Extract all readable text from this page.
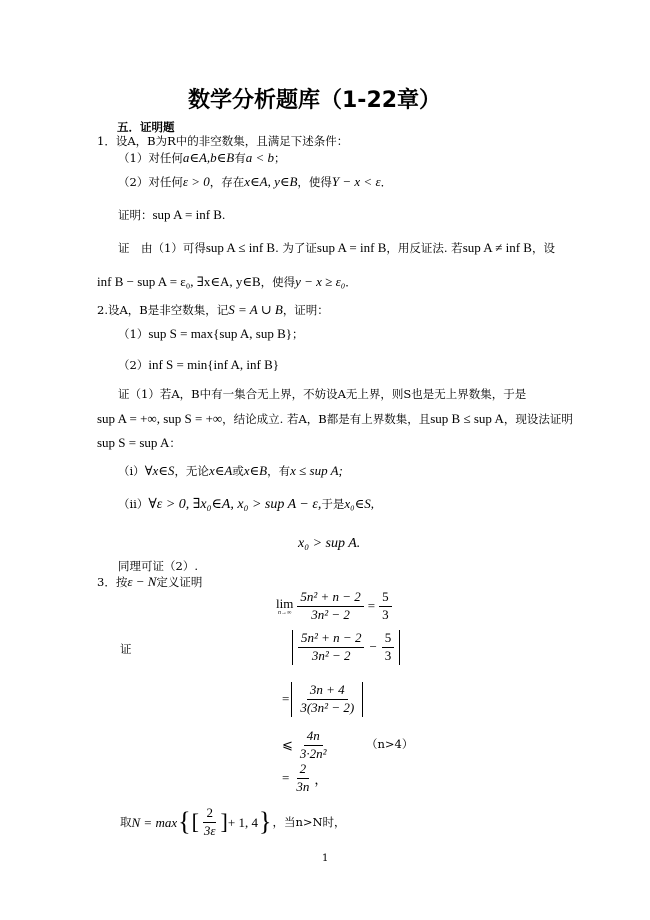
数学分析题库（1-22章）
五．证明题
1．设A，B为R中的非空数集，且满足下述条件：
（1）对任何a∈A,b∈B有a < b；
（2）对任何ε > 0，存在x∈A, y∈B，使得Y − x < ε．
证明：sup A = inf B.
证　由（1）可得sup A ≤ inf B. 为了证sup A = inf B，用反证法. 若sup A ≠ inf B，设
inf B − sup A = ε₀, ∃x∈A, y∈B，使得y − x ≥ ε₀．
2.设A，B是非空数集，记S = A ∪ B，证明：
（1）sup S = max{sup A, sup B}；
（2）inf S = min{inf A, inf B}
证（1）若A，B中有一集合无上界，不妨设A无上界，则S也是无上界数集，于是
sup A = +∞, sup S = +∞，结论成立. 若A，B都是有上界数集，且sup B ≤ sup A，现设法证明
sup S = sup A：
（ⅰ）∀x∈S，无论x∈A或x∈B，有x ≤ sup A;
（ⅱ）∀ε > 0, ∃x₀∈A, x₀ > sup A − ε,于是x₀∈S,
x₀ > sup A.
同理可证（2）.
3．按ε − N定义证明
lim
$n\to\infty \frac{\text{5n² + n − 2}}{\text{3n² − 2}} = \frac{5}{3}$
证	$\frac{\text{5n² + n − 2}}{\text{3n² − 2}} - \frac{5}{3}$
= $\frac{3n + 4}{\text{3(3n² − 2)}}$
⩽ $\frac{4n}{\text{3·2n²}}$	（n>4）
= $\frac{2}{3n}$ ，
取 N = max { [ $\frac{2}{3\varepsilon}$ ] + 1, 4 } ，当n>N时，
1
